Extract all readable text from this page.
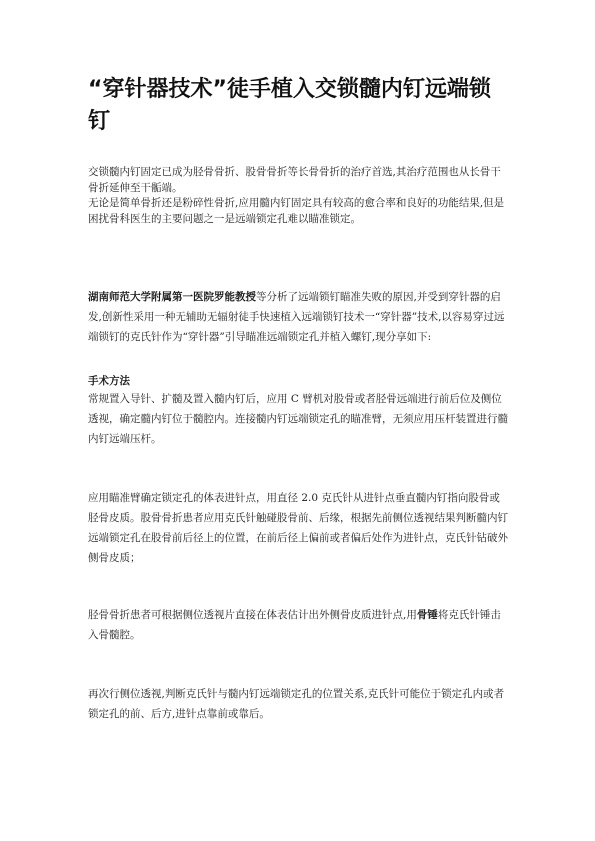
“穿针器技术”徒手植入交锁髓内钉远端锁钉
交锁髓内钉固定已成为胫骨骨折、股骨骨折等长骨骨折的治疗首选,其治疗范围也从长骨干骨折延伸至干骺端。
无论是简单骨折还是粉碎性骨折,应用髓内钉固定具有较高的愈合率和良好的功能结果,但是困扰骨科医生的主要问题之一是远端锁定孔难以瞄准锁定。

湖南师范大学附属第一医院罗能教授等分析了远端锁钉瞄准失败的原因,并受到穿针器的启发,创新性采用一种无辅助无辐射徒手快速植入远端锁钉技术一“穿针器”技术,以容易穿过远端锁钉的克氏针作为“穿针器”引导瞄准远端锁定孔并植入螺钉,现分享如下:

手术方法

常规置入导针、扩髓及置入髓内钉后，应用 C 臂机对股骨或者胫骨远端进行前后位及侧位透视，确定髓内钉位于髓腔内。连接髓内钉远端锁定孔的瞄准臂，无须应用压杆装置进行髓内钉远端压杆。

应用瞄准臂确定锁定孔的体表进针点，用直径 2.0 克氏针从进针点垂直髓内钉指向股骨或胫骨皮质。股骨骨折患者应用克氏针触碰股骨前、后缘，根据先前侧位透视结果判断髓内钉远端锁定孔在股骨前后径上的位置，在前后径上偏前或者偏后处作为进针点，克氏针钻破外侧骨皮质；

胫骨骨折患者可根据侧位透视片直接在体表估计出外侧骨皮质进针点,用骨锤将克氏针锤击入骨髓腔。

再次行侧位透视,判断克氏针与髓内钉远端锁定孔的位置关系,克氏针可能位于锁定孔内或者锁定孔的前、后方,进针点靠前或靠后。
